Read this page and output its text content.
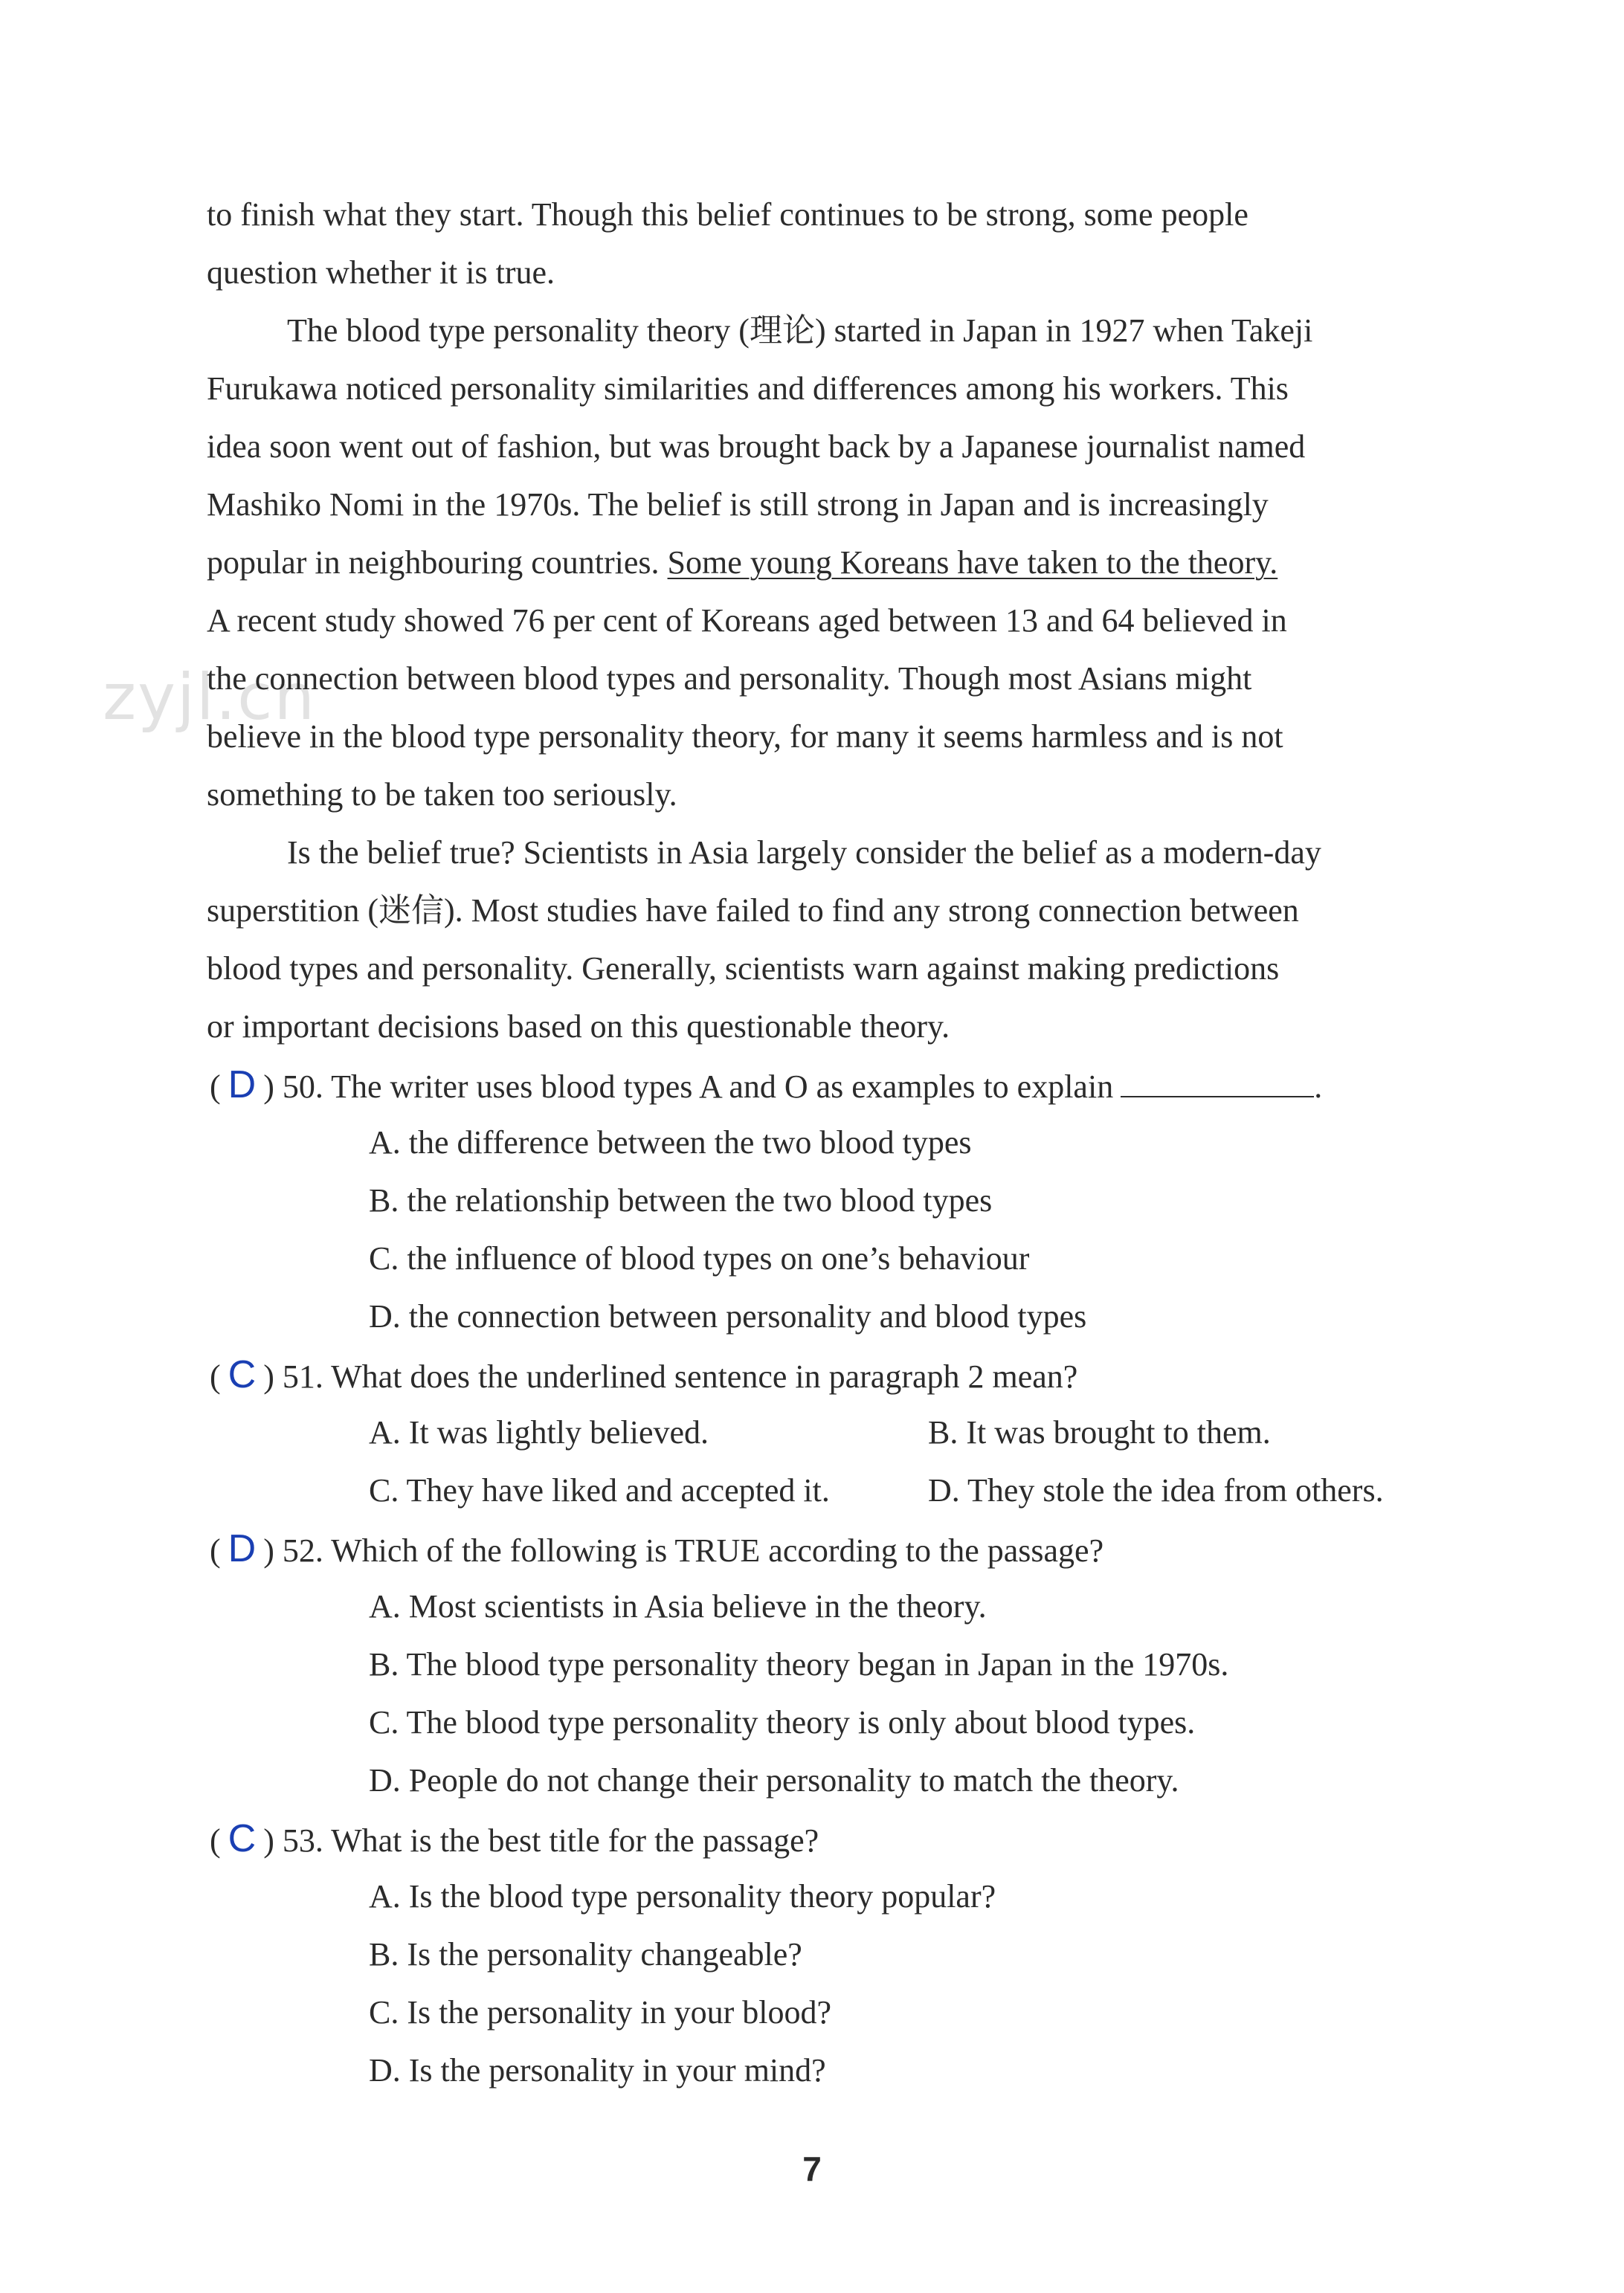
zyjl.cn
to finish what they start. Though this belief continues to be strong, some people
question whether it is true.
The blood type personality theory (理论) started in Japan in 1927 when Takeji
Furukawa noticed personality similarities and differences among his workers. This
idea soon went out of fashion, but was brought back by a Japanese journalist named
Mashiko Nomi in the 1970s. The belief is still strong in Japan and is increasingly
popular in neighbouring countries. Some young Koreans have taken to the theory.
A recent study showed 76 per cent of Koreans aged between 13 and 64 believed in
the connection between blood types and personality. Though most Asians might
believe in the blood type personality theory, for many it seems harmless and is not
something to be taken too seriously.
Is the belief true? Scientists in Asia largely consider the belief as a modern-day
superstition (迷信). Most studies have failed to find any strong connection between
blood types and personality. Generally, scientists warn against making predictions
or important decisions based on this questionable theory.
( D ) 50. The writer uses blood types A and O as examples to explain	.
A. the difference between the two blood types
B. the relationship between the two blood types
C. the influence of blood types on one’s behaviour
D. the connection between personality and blood types
( C ) 51. What does the underlined sentence in paragraph 2 mean?
A. It was lightly believed.	B. It was brought to them.
C. They have liked and accepted it.	D. They stole the idea from others.
( D ) 52. Which of the following is TRUE according to the passage?
A. Most scientists in Asia believe in the theory.
B. The blood type personality theory began in Japan in the 1970s.
C. The blood type personality theory is only about blood types.
D. People do not change their personality to match the theory.
( C ) 53. What is the best title for the passage?
A. Is the blood type personality theory popular?
B. Is the personality changeable?
C. Is the personality in your blood?
D. Is the personality in your mind?
7
